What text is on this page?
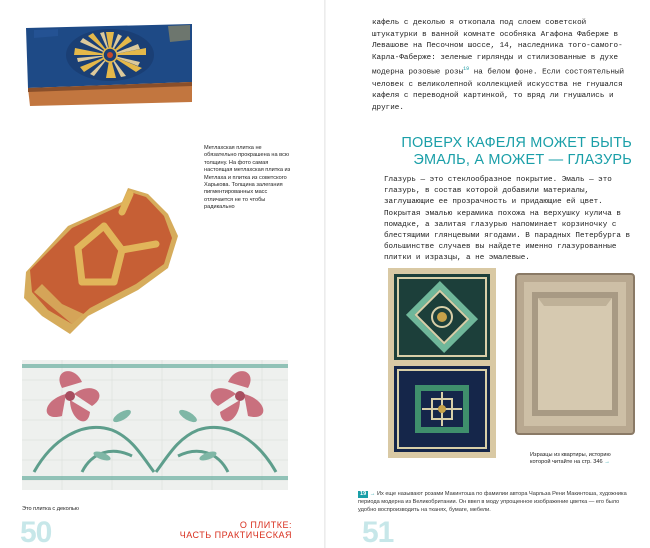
Метлахская плитка не обязательно прокрашена на всю толщину. На фото самая настоящая метлахская плитка из Метлаха и плитка из советского Харькова. Толщина залегания пигментированных масс отличается не то чтобы радикально
Это плитка с деколью
50	О ПЛИТКЕ:
ЧАСТЬ ПРАКТИЧЕСКАЯ
кафель с деколью я откопала под слоем советской штукатурки в ванной комнате особняка Агафона Фаберже в Левашове на Песочном шоссе, 14, наследника того-самого-Карла-Фаберже: зеленые гирлянды и стилизованные в духе модерна розовые розы$^{19}$ на белом фоне. Если состоятельный человек с великолепной коллекцией искусства не гнушался кафеля с переводной картинкой, то вряд ли гнушались и другие.
ПОВЕРХ КАФЕЛЯ МОЖЕТ БЫТЬ
ЭМАЛЬ, А МОЖЕТ — ГЛАЗУРЬ
Глазурь — это стеклообразное покрытие. Эмаль — это глазурь, в состав которой добавили материалы, заглушающие ее прозрачность и придающие ей цвет. Покрытая эмалью керамика похожа на верхушку кулича в помадке, а залитая глазурью напоминает корзиночку с блестящими глянцевыми ягодами. В парадных Петербурга в большинстве случаев вы найдете именно глазурованные плитки и изразцы, а не эмалевые.
Изразцы из квартиры, историю которой читайте на стр. 346 →
19 → Их еще называют розами Макинтоша по фамилии автора Чарльза Рени Макинтоша, художника периода модерна из Великобритании. Он ввел в моду упрощенное изображение цветка — его было удобно воспроизводить на тканях, бумаге, мебели.
51
